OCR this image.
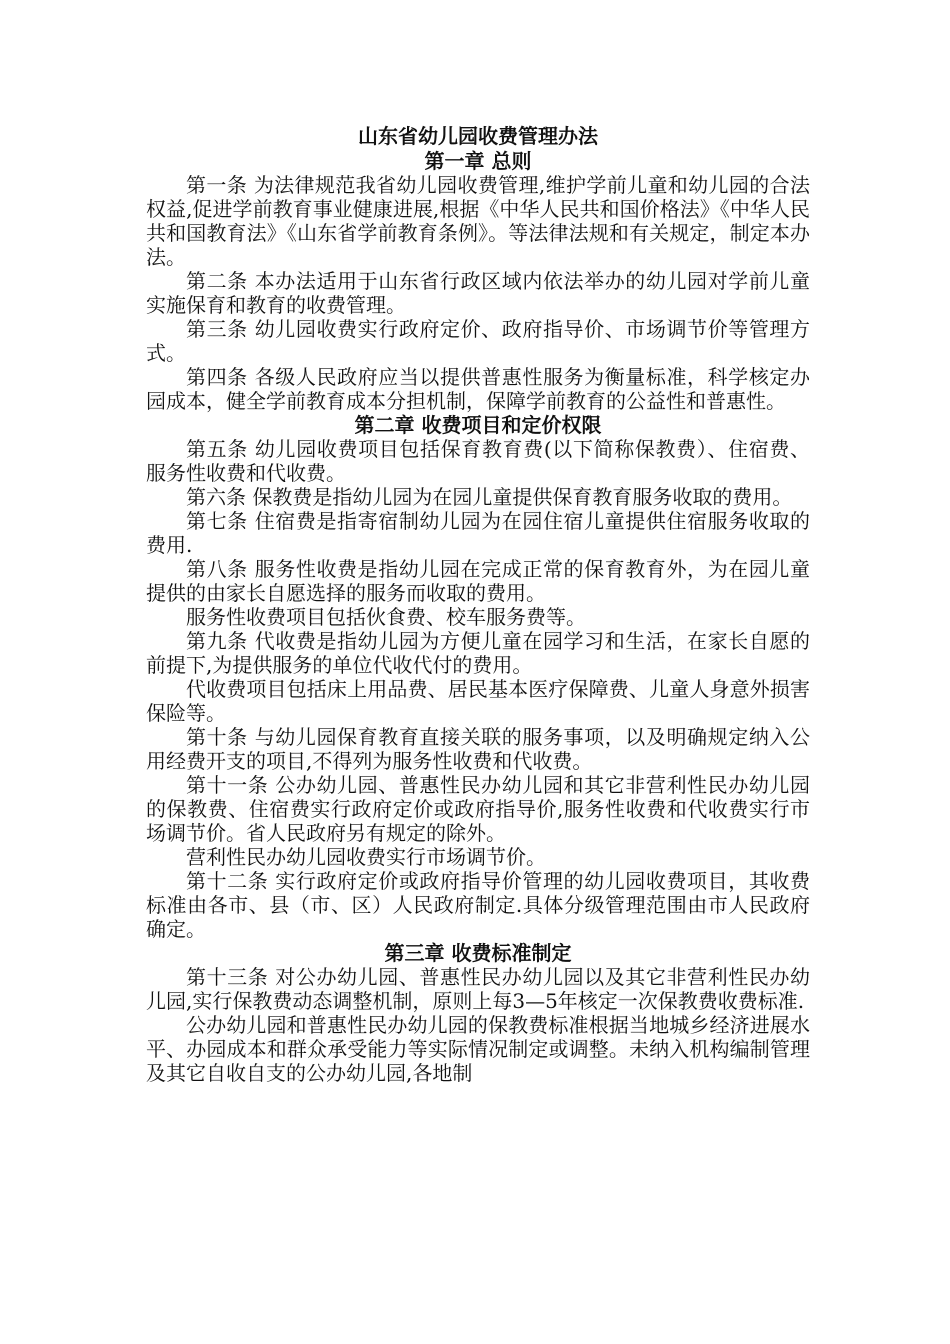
山东省幼儿园收费管理办法

第一章 总则

第一条 为法律规范我省幼儿园收费管理,维护学前儿童和幼儿园的合法权益,促进学前教育事业健康进展,根据《中华人民共和国价格法》《中华人民共和国教育法》《山东省学前教育条例》。等法律法规和有关规定，制定本办法。

第二条 本办法适用于山东省行政区域内依法举办的幼儿园对学前儿童实施保育和教育的收费管理。

第三条 幼儿园收费实行政府定价、政府指导价、市场调节价等管理方式。

第四条 各级人民政府应当以提供普惠性服务为衡量标准，科学核定办园成本，健全学前教育成本分担机制，保障学前教育的公益性和普惠性。

第二章 收费项目和定价权限

第五条 幼儿园收费项目包括保育教育费(以下简称保教费）、住宿费、服务性收费和代收费。

第六条 保教费是指幼儿园为在园儿童提供保育教育服务收取的费用。

第七条 住宿费是指寄宿制幼儿园为在园住宿儿童提供住宿服务收取的费用.

第八条 服务性收费是指幼儿园在完成正常的保育教育外，为在园儿童提供的由家长自愿选择的服务而收取的费用。

服务性收费项目包括伙食费、校车服务费等。

第九条 代收费是指幼儿园为方便儿童在园学习和生活，在家长自愿的前提下,为提供服务的单位代收代付的费用。

代收费项目包括床上用品费、居民基本医疗保障费、儿童人身意外损害保险等。

第十条 与幼儿园保育教育直接关联的服务事项，以及明确规定纳入公用经费开支的项目,不得列为服务性收费和代收费。

第十一条 公办幼儿园、普惠性民办幼儿园和其它非营利性民办幼儿园的保教费、住宿费实行政府定价或政府指导价,服务性收费和代收费实行市场调节价。省人民政府另有规定的除外。

营利性民办幼儿园收费实行市场调节价。

第十二条 实行政府定价或政府指导价管理的幼儿园收费项目，其收费标准由各市、县（市、区）人民政府制定.具体分级管理范围由市人民政府确定。

第三章 收费标准制定

第十三条 对公办幼儿园、普惠性民办幼儿园以及其它非营利性民办幼儿园,实行保教费动态调整机制，原则上每3—5年核定一次保教费收费标准.

公办幼儿园和普惠性民办幼儿园的保教费标准根据当地城乡经济进展水平、办园成本和群众承受能力等实际情况制定或调整。未纳入机构编制管理及其它自收自支的公办幼儿园,各地制
